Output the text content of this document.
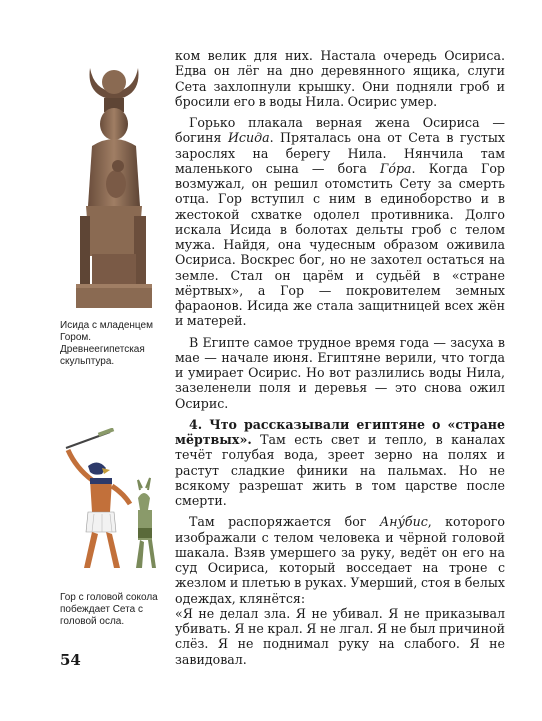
Исида с младенцем Гором. Древнеегипетская скульптура.
Гор с головой сокола побеждает Сета с головой осла.
54

ком велик для них. Настала очередь Осириса. Едва он лёг на дно деревянного ящика, слуги Сета захлопнули крышку. Они подняли гроб и бросили его в воды Нила. Осирис умер.

Горько плакала верная жена Осириса — богиня Исида. Пряталась она от Сета в густых зарослях на берегу Нила. Нянчила там маленького сына — бога Го́ра. Когда Гор возмужал, он решил отомстить Сету за смерть отца. Гор вступил с ним в единоборство и в жестокой схватке одолел противника. Долго искала Исида в болотах дельты гроб с телом мужа. Найдя, она чудесным образом оживила Осириса. Воскрес бог, но не захотел остаться на земле. Стал он царём и судьёй в «стране мёртвых», а Гор — покровителем земных фараонов. Исида же стала защитницей всех жён и матерей.

В Египте самое трудное время года — засуха в мае — начале июня. Египтяне верили, что тогда и умирает Осирис. Но вот разлились воды Нила, зазеленели поля и деревья — это снова ожил Осирис.

4. Что рассказывали египтяне о «стране мёртвых». Там есть свет и тепло, в каналах течёт голубая вода, зреет зерно на полях и растут сладкие финики на пальмах. Но не всякому разрешат жить в том царстве после смерти.

Там распоряжается бог Ану́бис, которого изображали с телом человека и чёрной головой шакала. Взяв умершего за руку, ведёт он его на суд Осириса, который восседает на троне с жезлом и плетью в руках. Умерший, стоя в белых одеждах, клянётся:

«Я не делал зла. Я не убивал. Я не приказывал убивать. Я не крал. Я не лгал. Я не был причиной слёз. Я не поднимал руку на слабого. Я не завидовал.
